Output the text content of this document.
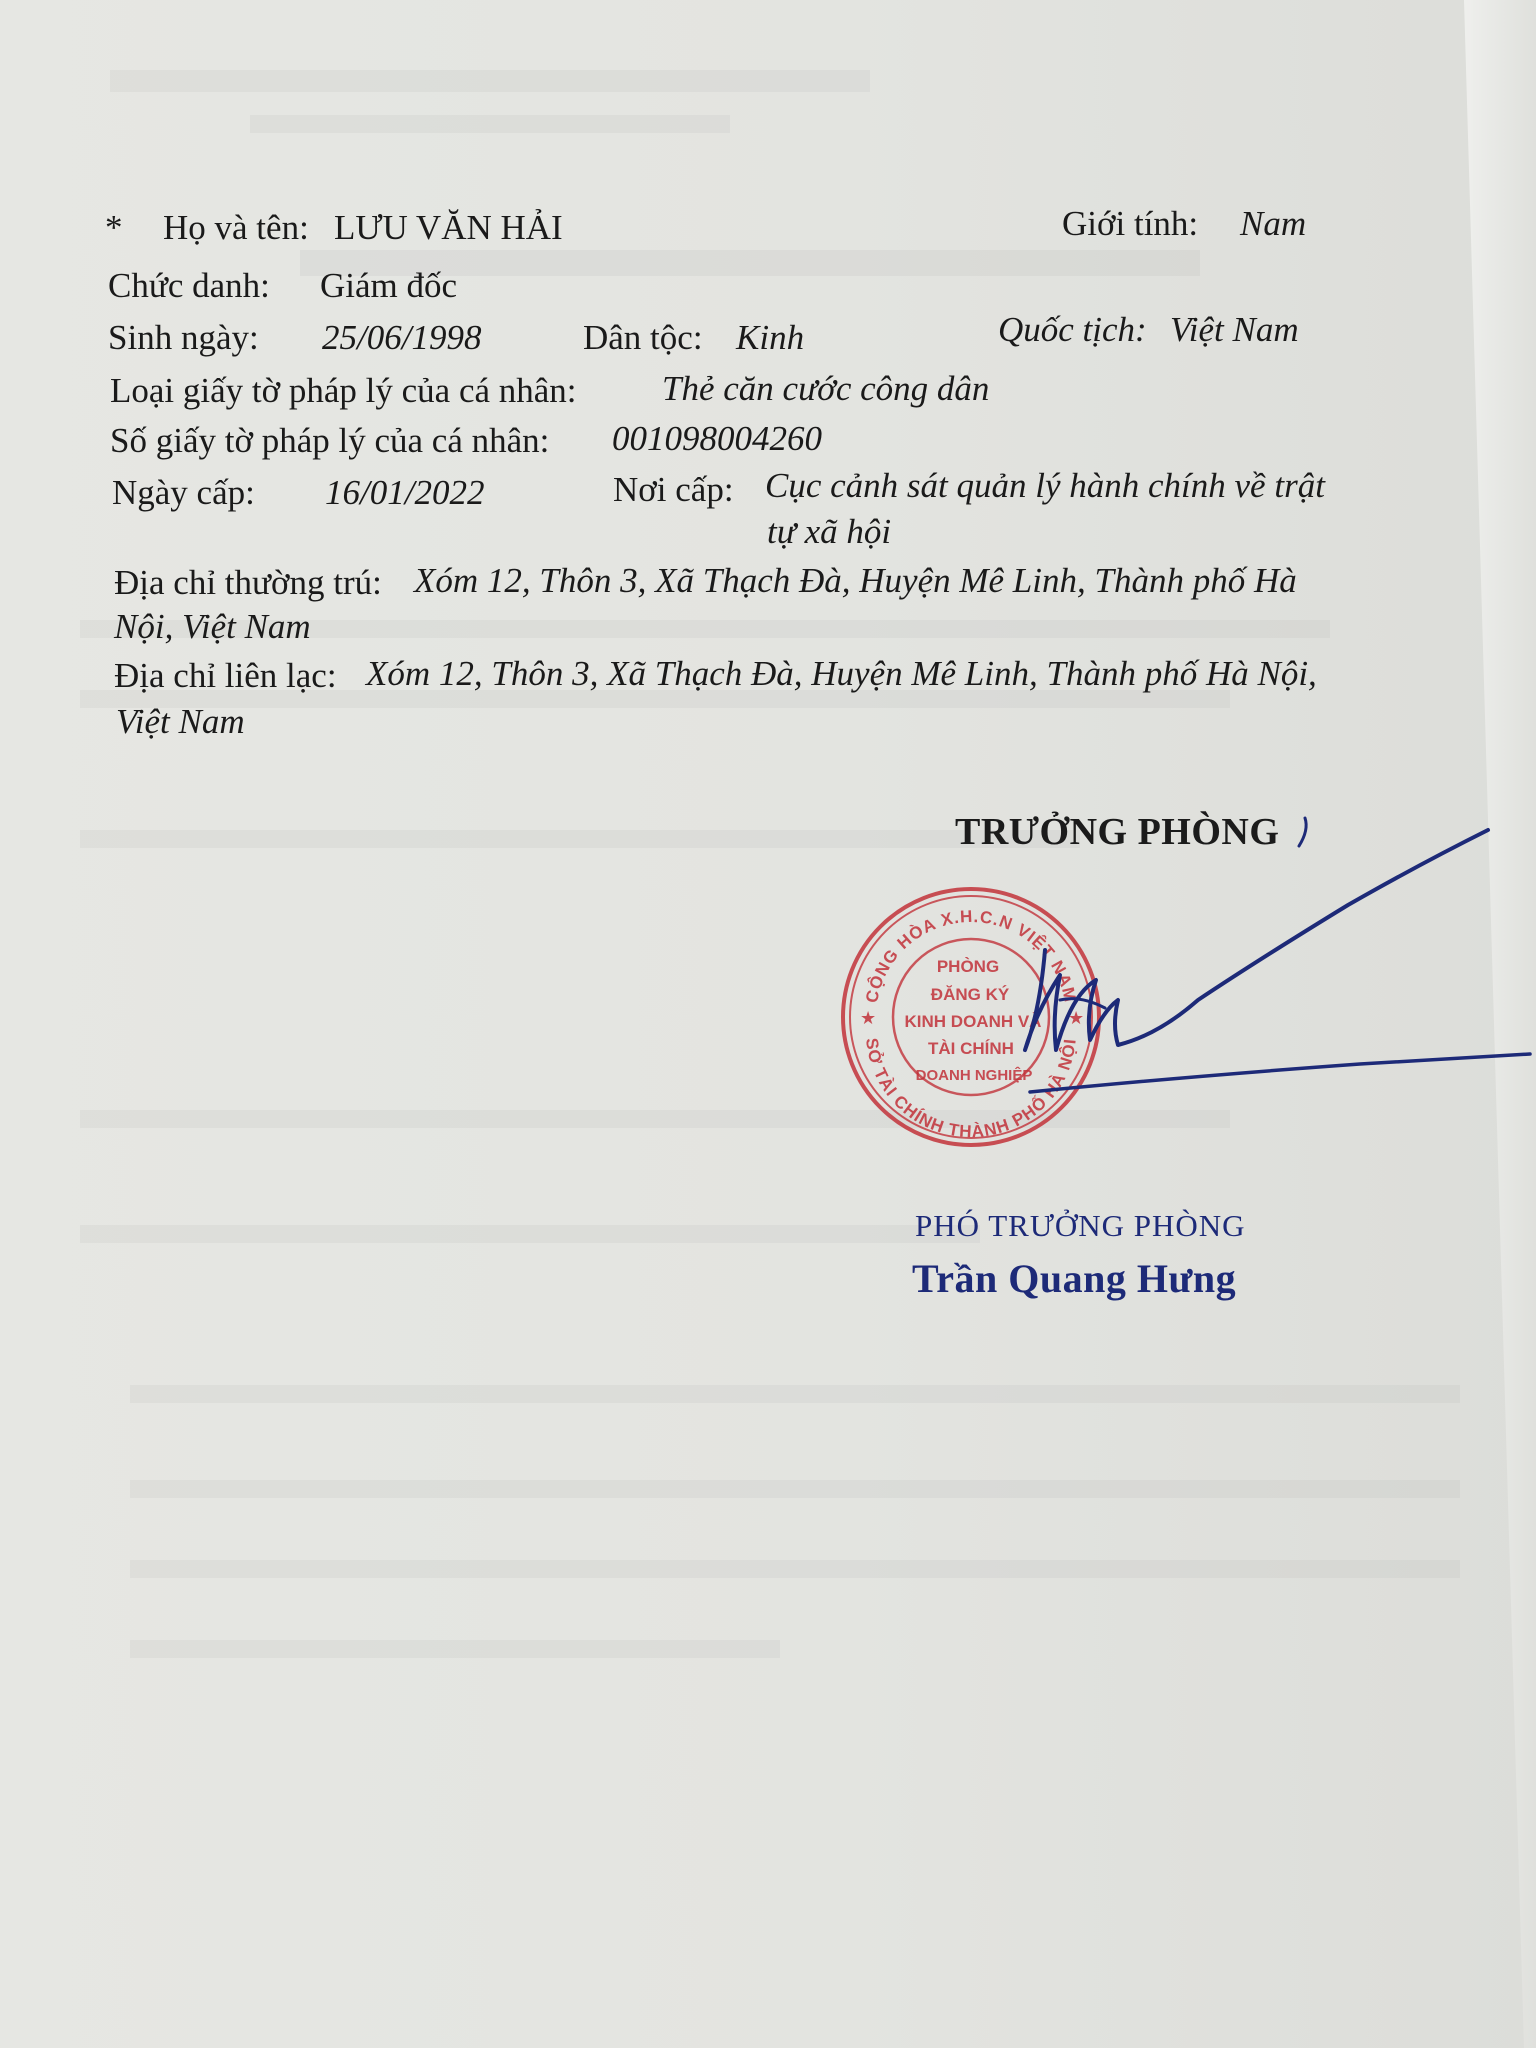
* Họ và tên: LƯU VĂN HẢI	Giới tính: Nam
Chức danh: Giám đốc
Sinh ngày: 25/06/1998	Dân tộc: Kinh	Quốc tịch: Việt Nam
Loại giấy tờ pháp lý của cá nhân: Thẻ căn cước công dân
Số giấy tờ pháp lý của cá nhân: 001098004260
Ngày cấp: 16/01/2022	Nơi cấp: Cục cảnh sát quản lý hành chính về trật
tự xã hội
Địa chỉ thường trú: Xóm 12, Thôn 3, Xã Thạch Đà, Huyện Mê Linh, Thành phố Hà
Nội, Việt Nam
Địa chỉ liên lạc: Xóm 12, Thôn 3, Xã Thạch Đà, Huyện Mê Linh, Thành phố Hà Nội,
Việt Nam
TRƯỞNG PHÒNG
CỘNG HÒA X.H.C.N VIỆT NAM
SỞ TÀI CHÍNH THÀNH PHỐ HÀ NỘI
★	★
PHÒNG
ĐĂNG KÝ
KINH DOANH VÀ
TÀI CHÍNH
DOANH NGHIỆP
PHÓ TRƯỞNG PHÒNG
Trần Quang Hưng
